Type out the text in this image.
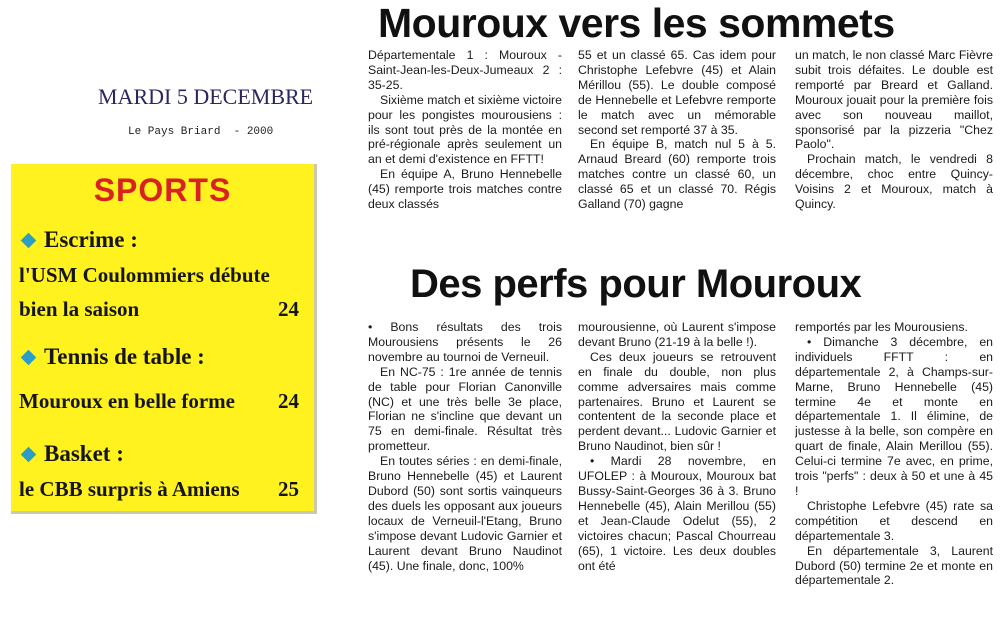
MARDI 5 DECEMBRE
Le Pays Briard  - 2000
SPORTS
Escrime :
l'USM Coulommiers débute
bien la saison	24
Tennis de table :
Mouroux en belle forme 24
Basket :
le CBB surpris à Amiens 25
Mouroux vers les sommets

Départementale 1 : Mouroux - Saint-Jean-les-Deux-Jumeaux 2 : 35-25.

Sixième match et sixième victoire pour les pongistes mourousiens : ils sont tout près de la montée en pré-régionale après seulement un an et demi d'existence en FFTT!

En équipe A, Bruno Hennebelle (45) remporte trois matches contre deux classés

55 et un classé 65. Cas idem pour Christophe Lefebvre (45) et Alain Mérillou (55). Le double composé de Hennebelle et Lefebvre remporte le match avec un mémorable second set remporté 37 à 35.

En équipe B, match nul 5 à 5. Arnaud Breard (60) remporte trois matches contre un classé 60, un classé 65 et un classé 70. Régis Galland (70) gagne

un match, le non classé Marc Fièvre subit trois défaites. Le double est remporté par Breard et Galland. Mouroux jouait pour la première fois avec son nouveau maillot, sponsorisé par la pizzeria "Chez Paolo".

Prochain match, le vendredi 8 décembre, choc entre Quincy-Voisins 2 et Mouroux, match à Quincy.

Des perfs pour Mouroux

• Bons résultats des trois Mourousiens présents le 26 novembre au tournoi de Verneuil.

En NC-75 : 1re année de tennis de table pour Florian Canonville (NC) et une très belle 3e place, Florian ne s'incline que devant un 75 en demi-finale. Résultat très prometteur.

En toutes séries : en demi-finale, Bruno Hennebelle (45) et Laurent Dubord (50) sont sortis vainqueurs des duels les opposant aux joueurs locaux de Verneuil-l'Etang, Bruno s'impose devant Ludovic Garnier et Laurent devant Bruno Naudinot (45). Une finale, donc, 100%

mourousienne, où Laurent s'impose devant Bruno (21-19 à la belle !).

Ces deux joueurs se retrouvent en finale du double, non plus comme adversaires mais comme partenaires. Bruno et Laurent se contentent de la seconde place et perdent devant... Ludovic Garnier et Bruno Naudinot, bien sûr !

• Mardi 28 novembre, en UFOLEP : à Mouroux, Mouroux bat Bussy-Saint-Georges 36 à 3. Bruno Hennebelle (45), Alain Merillou (55) et Jean-Claude Odelut (55), 2 victoires chacun; Pascal Chourreau (65), 1 victoire. Les deux doubles ont été

remportés par les Mourousiens.

• Dimanche 3 décembre, en individuels FFTT : en départementale 2, à Champs-sur-Marne, Bruno Hennebelle (45) termine 4e et monte en départementale 1. Il élimine, de justesse à la belle, son compère en quart de finale, Alain Merillou (55). Celui-ci termine 7e avec, en prime, trois "perfs" : deux à 50 et une à 45 !

Christophe Lefebvre (45) rate sa compétition et descend en départementale 3.

En départementale 3, Laurent Dubord (50) termine 2e et monte en départementale 2.
